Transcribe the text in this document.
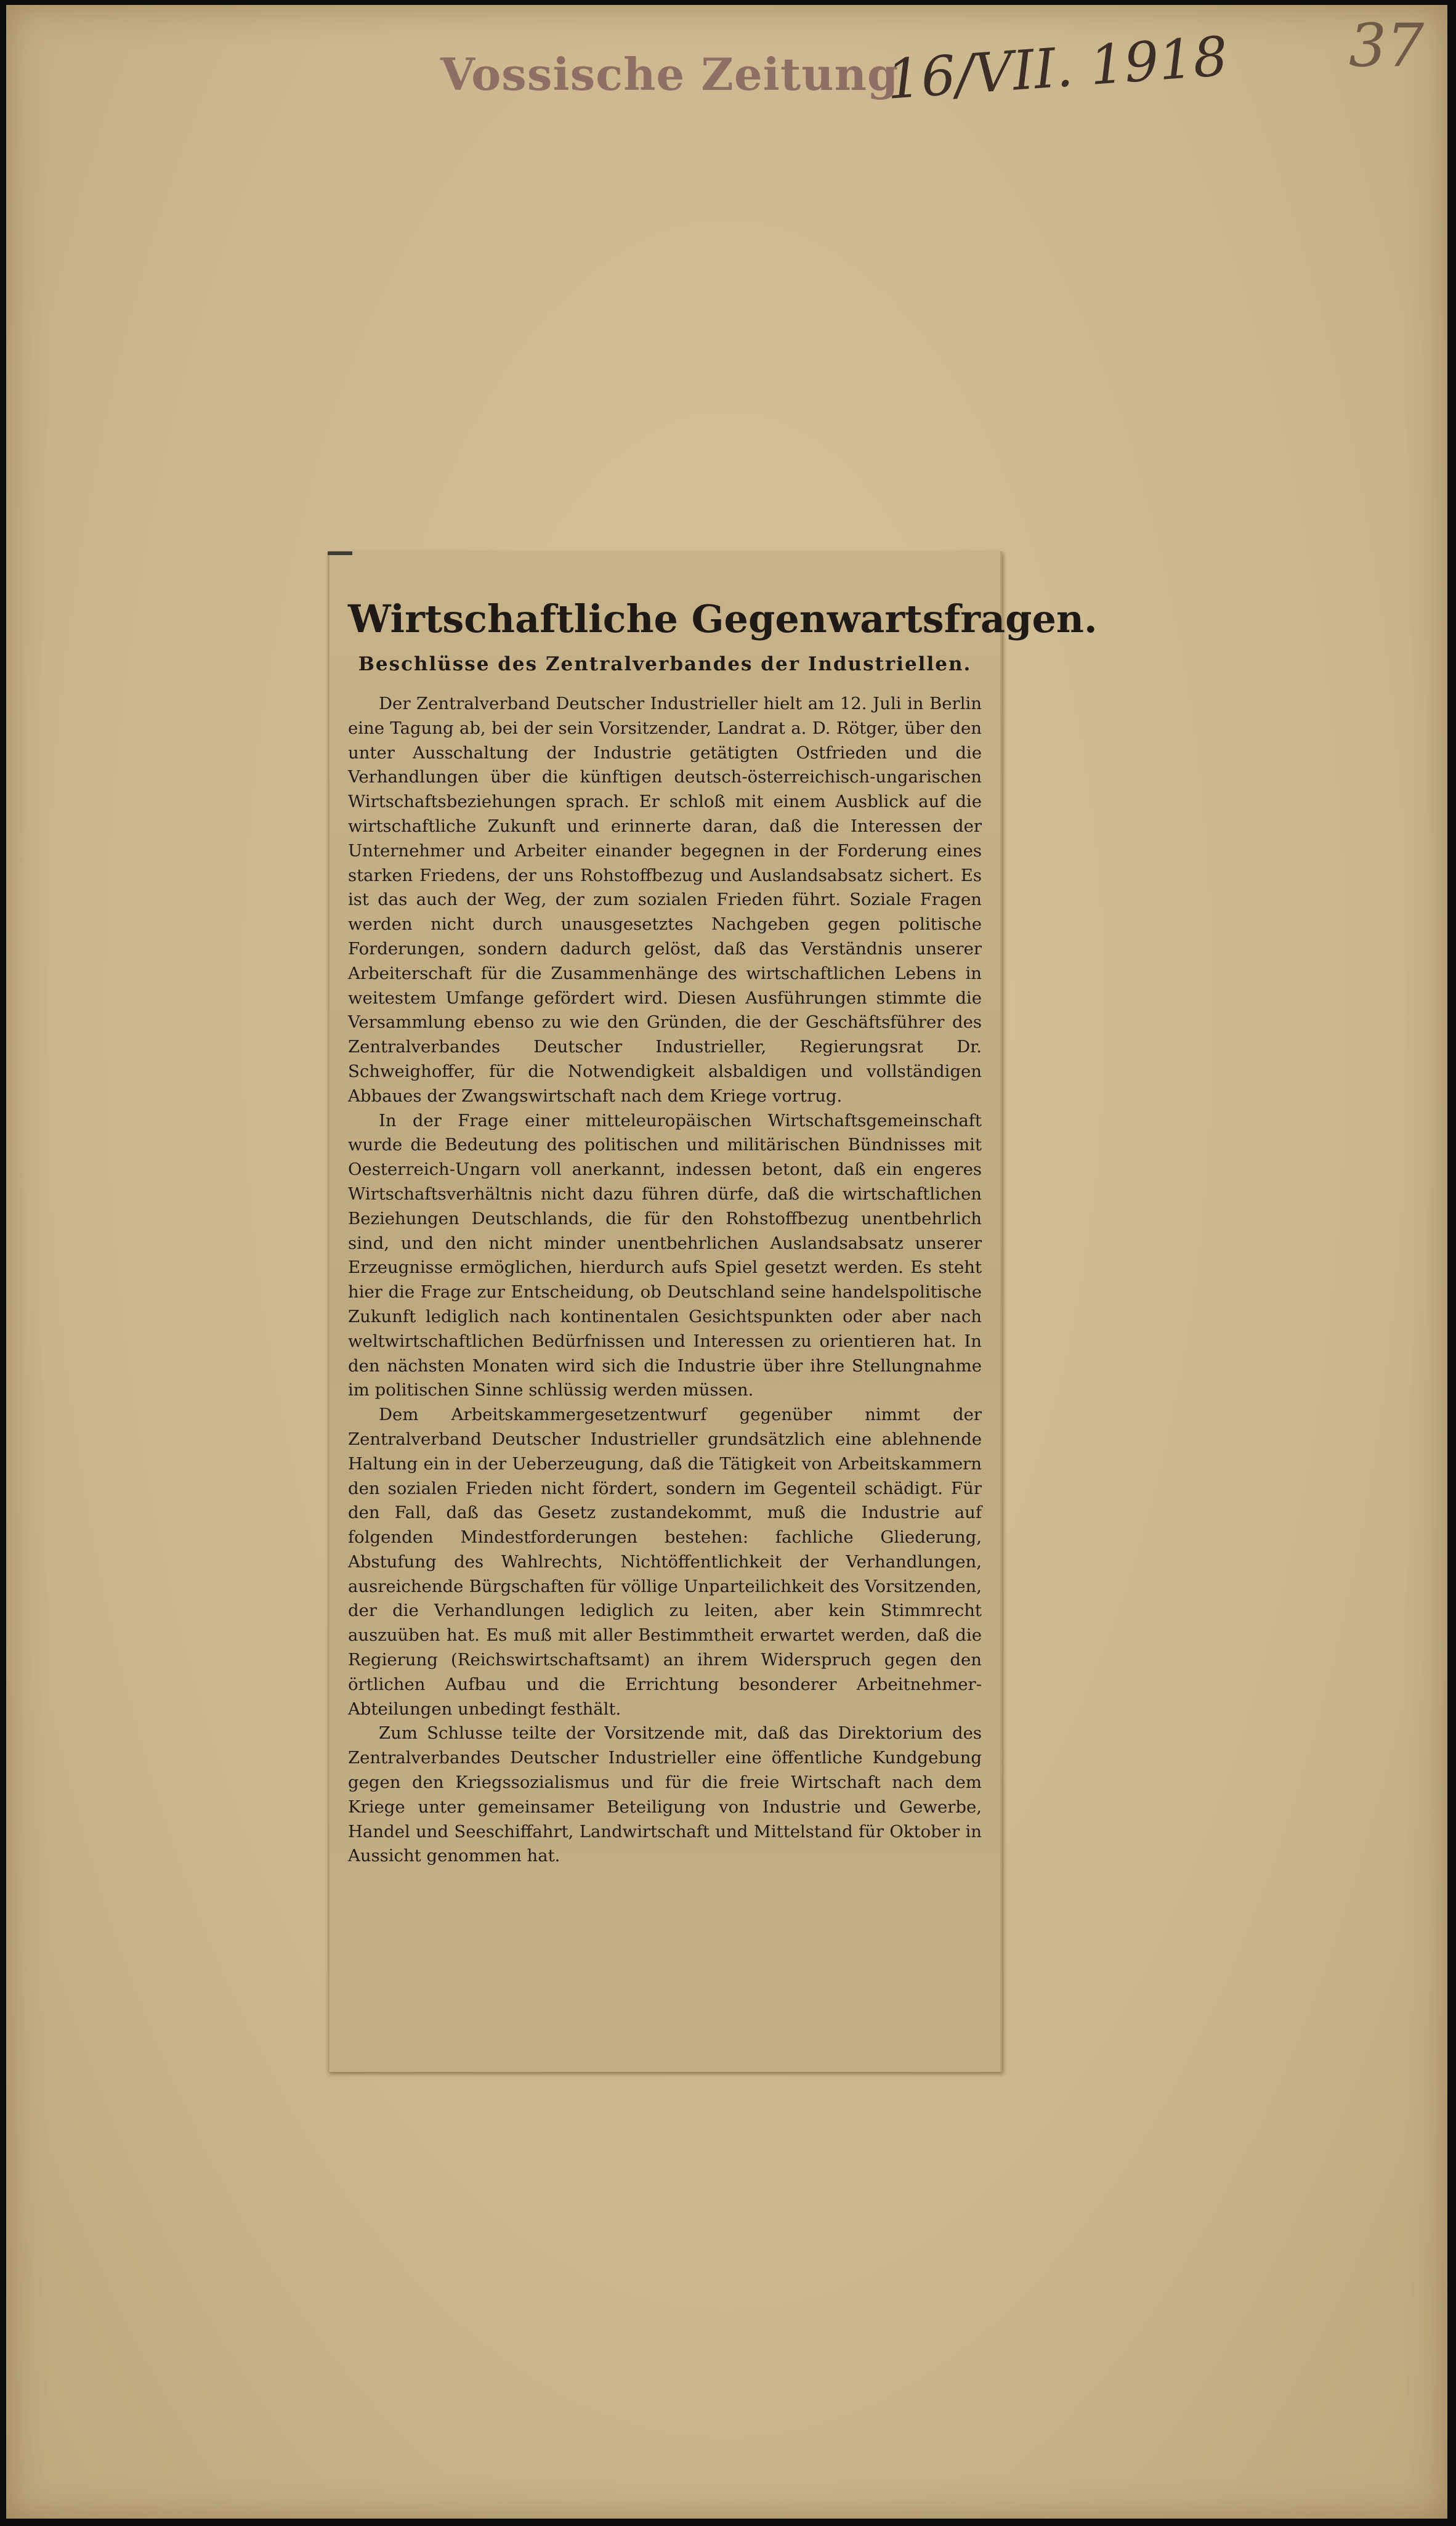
Vossische Zeitung
16/VII. 1918 37
Wirtschaftliche Gegenwartsfragen.
Beschlüsse des Zentralverbandes der Industriellen.

Der Zentralverband Deutscher Industrieller hielt am 12. Juli in Berlin eine Tagung ab, bei der sein Vorsitzender, Landrat a. D. Rötger, über den unter Ausschaltung der Industrie getätigten Ostfrieden und die Verhandlungen über die künftigen deutsch-österreichisch-ungarischen Wirtschaftsbeziehungen sprach. Er schloß mit einem Ausblick auf die wirtschaftliche Zukunft und erinnerte daran, daß die Interessen der Unternehmer und Arbeiter einander begegnen in der Forderung eines starken Friedens, der uns Rohstoffbezug und Auslandsabsatz sichert. Es ist das auch der Weg, der zum sozialen Frieden führt. Soziale Fragen werden nicht durch unausgesetztes Nachgeben gegen politische Forderungen, sondern dadurch gelöst, daß das Verständnis unserer Arbeiterschaft für die Zusammenhänge des wirtschaftlichen Lebens in weitestem Umfange gefördert wird. Diesen Ausführungen stimmte die Versammlung ebenso zu wie den Gründen, die der Geschäftsführer des Zentralverbandes Deutscher Industrieller, Regierungsrat Dr. Schweighoffer, für die Notwendigkeit alsbaldigen und vollständigen Abbaues der Zwangswirtschaft nach dem Kriege vortrug.

In der Frage einer mitteleuropäischen Wirtschaftsgemeinschaft wurde die Bedeutung des politischen und militärischen Bündnisses mit Oesterreich-Ungarn voll anerkannt, indessen betont, daß ein engeres Wirtschaftsverhältnis nicht dazu führen dürfe, daß die wirtschaftlichen Beziehungen Deutschlands, die für den Rohstoffbezug unentbehrlich sind, und den nicht minder unentbehrlichen Auslandsabsatz unserer Erzeugnisse ermöglichen, hierdurch aufs Spiel gesetzt werden. Es steht hier die Frage zur Entscheidung, ob Deutschland seine handelspolitische Zukunft lediglich nach kontinentalen Gesichtspunkten oder aber nach weltwirtschaftlichen Bedürfnissen und Interessen zu orientieren hat. In den nächsten Monaten wird sich die Industrie über ihre Stellungnahme im politischen Sinne schlüssig werden müssen.

Dem Arbeitskammergesetzentwurf gegenüber nimmt der Zentralverband Deutscher Industrieller grundsätzlich eine ablehnende Haltung ein in der Ueberzeugung, daß die Tätigkeit von Arbeitskammern den sozialen Frieden nicht fördert, sondern im Gegenteil schädigt. Für den Fall, daß das Gesetz zustandekommt, muß die Industrie auf folgenden Mindestforderungen bestehen: fachliche Gliederung, Abstufung des Wahlrechts, Nichtöffentlichkeit der Verhandlungen, ausreichende Bürgschaften für völlige Unparteilichkeit des Vorsitzenden, der die Verhandlungen lediglich zu leiten, aber kein Stimmrecht auszuüben hat. Es muß mit aller Bestimmtheit erwartet werden, daß die Regierung (Reichswirtschaftsamt) an ihrem Widerspruch gegen den örtlichen Aufbau und die Errichtung besonderer Arbeitnehmer-Abteilungen unbedingt festhält.

Zum Schlusse teilte der Vorsitzende mit, daß das Direktorium des Zentralverbandes Deutscher Industrieller eine öffentliche Kundgebung gegen den Kriegssozialismus und für die freie Wirtschaft nach dem Kriege unter gemeinsamer Beteiligung von Industrie und Gewerbe, Handel und Seeschiffahrt, Landwirtschaft und Mittelstand für Oktober in Aussicht genommen hat.
